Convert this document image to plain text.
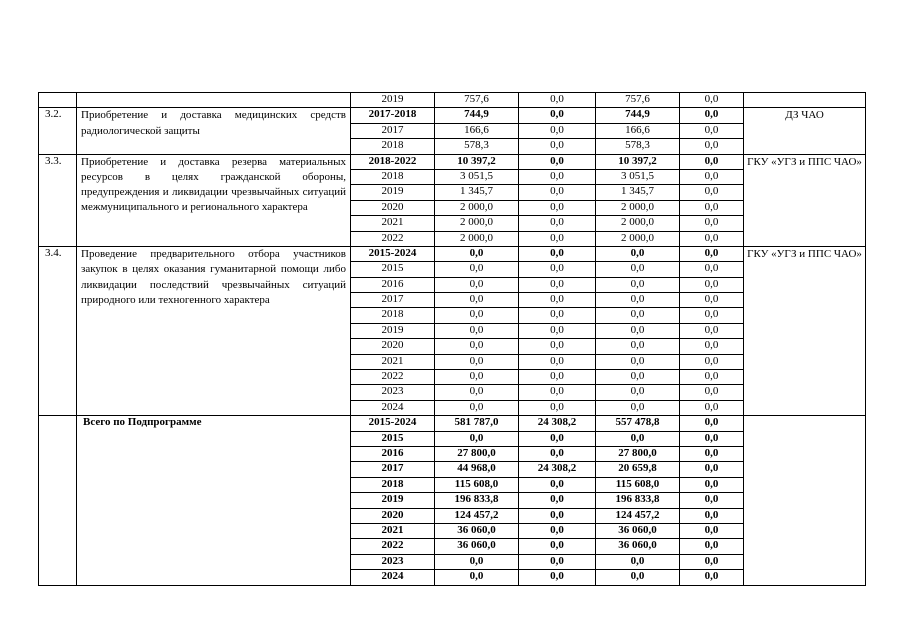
		2019	757,6	0,0	757,6	0,0	
3.2.	Приобретение и доставка медицинских средств радиологической защиты	2017-2018	744,9	0,0	744,9	0,0	ДЗ ЧАО
		2017	166,6	0,0	166,6	0,0	
		2018	578,3	0,0	578,3	0,0	
3.3.	Приобретение и доставка резерва материальных ресурсов в целях гражданской обороны, предупреждения и ликвидации чрезвычайных ситуаций межмуниципального и регионального характера	2018-2022	10 397,2	0,0	10 397,2	0,0	ГКУ «УГЗ и ППС ЧАО»
		2018	3 051,5	0,0	3 051,5	0,0	
		2019	1 345,7	0,0	1 345,7	0,0	
		2020	2 000,0	0,0	2 000,0	0,0	
		2021	2 000,0	0,0	2 000,0	0,0	
		2022	2 000,0	0,0	2 000,0	0,0	
3.4.	Проведение предварительного отбора участников закупок в целях оказания гуманитарной помощи либо ликвидации последствий чрезвычайных ситуаций природного или техногенного характера	2015-2024	0,0	0,0	0,0	0,0	ГКУ «УГЗ и ППС ЧАО»
		2015	0,0	0,0	0,0	0,0	
		2016	0,0	0,0	0,0	0,0	
		2017	0,0	0,0	0,0	0,0	
		2018	0,0	0,0	0,0	0,0	
		2019	0,0	0,0	0,0	0,0	
		2020	0,0	0,0	0,0	0,0	
		2021	0,0	0,0	0,0	0,0	
		2022	0,0	0,0	0,0	0,0	
		2023	0,0	0,0	0,0	0,0	
		2024	0,0	0,0	0,0	0,0	
	Всего по Подпрограмме	2015-2024	581 787,0	24 308,2	557 478,8	0,0	
		2015	0,0	0,0	0,0	0,0	
		2016	27 800,0	0,0	27 800,0	0,0	
		2017	44 968,0	24 308,2	20 659,8	0,0	
		2018	115 608,0	0,0	115 608,0	0,0	
		2019	196 833,8	0,0	196 833,8	0,0	
		2020	124 457,2	0,0	124 457,2	0,0	
		2021	36 060,0	0,0	36 060,0	0,0	
		2022	36 060,0	0,0	36 060,0	0,0	
		2023	0,0	0,0	0,0	0,0	
		2024	0,0	0,0	0,0	0,0	
